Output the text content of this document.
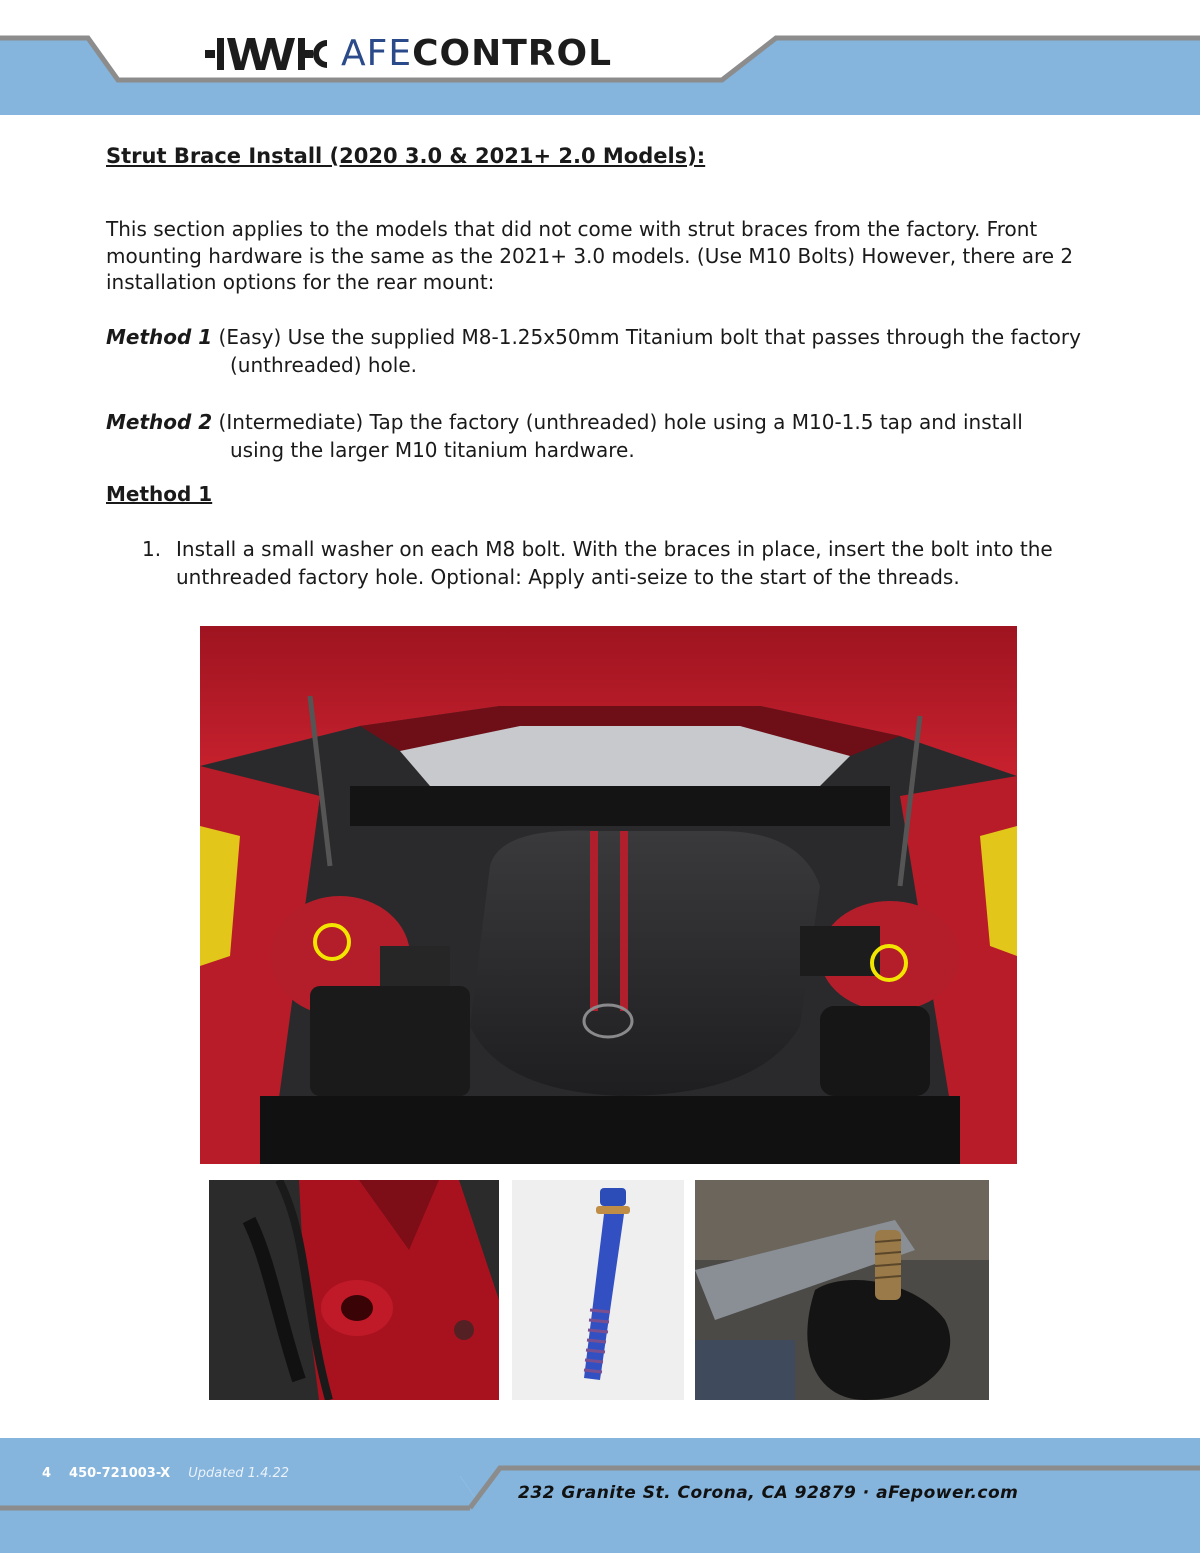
AFECONTROL
Strut Brace Install (2020 3.0 & 2021+ 2.0 Models):

This section applies to the models that did not come with strut braces from the factory. Front mounting hardware is the same as the 2021+ 3.0 models. (Use M10 Bolts) However, there are 2 installation options for the rear mount:

Method 1 (Easy) Use the supplied M8-1.25x50mm Titanium bolt that passes through the factory
(unthreaded) hole.

Method 2 (Intermediate) Tap the factory (unthreaded) hole using a M10-1.5 tap and install
using the larger M10 titanium hardware.

Method 1
1. Install a small washer on each M8 bolt. With the braces in place, insert the bolt into the unthreaded factory hole. Optional: Apply anti-seize to the start of the threads.
4 450-721003-X Updated 1.4.22
232 Granite St. Corona, CA 92879 · aFepower.com
